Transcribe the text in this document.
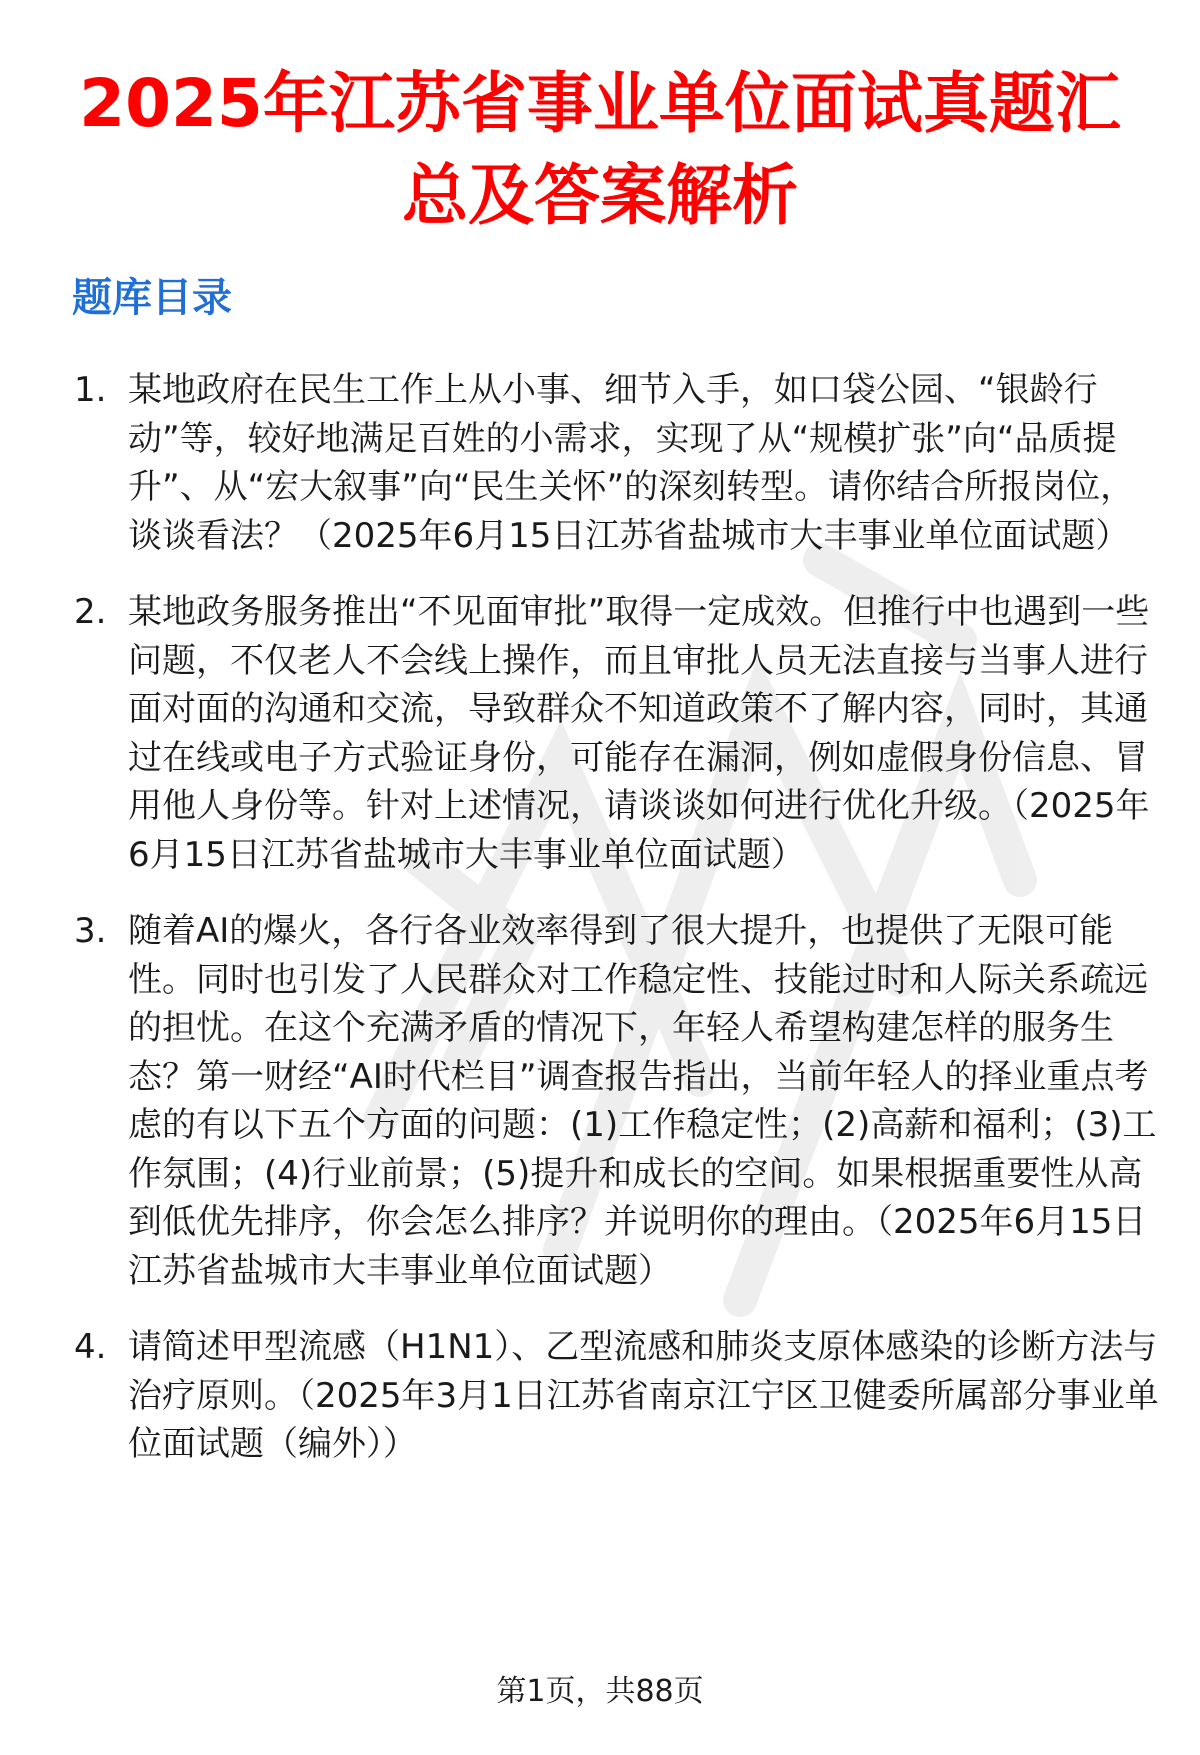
2025年江苏省事业单位面试真题汇总及答案解析
题库目录
1. 某地政府在民生工作上从小事、细节入手，如口袋公园、“银龄行动”等，较好地满足百姓的小需求，实现了从“规模扩张”向“品质提升”、从“宏大叙事”向“民生关怀”的深刻转型。请你结合所报岗位，谈谈看法？（2025年6月15日江苏省盐城市大丰事业单位面试题）
2. 某地政务服务推出“不见面审批”取得一定成效。但推行中也遇到一些问题，不仅老人不会线上操作，而且审批人员无法直接与当事人进行面对面的沟通和交流，导致群众不知道政策不了解内容，同时，其通过在线或电子方式验证身份，可能存在漏洞，例如虚假身份信息、冒用他人身份等。针对上述情况，请谈谈如何进行优化升级。（2025年6月15日江苏省盐城市大丰事业单位面试题）
3. 随着AI的爆火，各行各业效率得到了很大提升，也提供了无限可能性。同时也引发了人民群众对工作稳定性、技能过时和人际关系疏远的担忧。在这个充满矛盾的情况下，年轻人希望构建怎样的服务生态？第一财经“AI时代栏目”调查报告指出，当前年轻人的择业重点考虑的有以下五个方面的问题：(1)工作稳定性；(2)高薪和福利；(3)工作氛围；(4)行业前景；(5)提升和成长的空间。如果根据重要性从高到低优先排序，你会怎么排序？并说明你的理由。（2025年6月15日江苏省盐城市大丰事业单位面试题）
4. 请简述甲型流感（H1N1）、乙型流感和肺炎支原体感染的诊断方法与治疗原则。（2025年3月1日江苏省南京江宁区卫健委所属部分事业单位面试题（编外））
第1页，共88页
